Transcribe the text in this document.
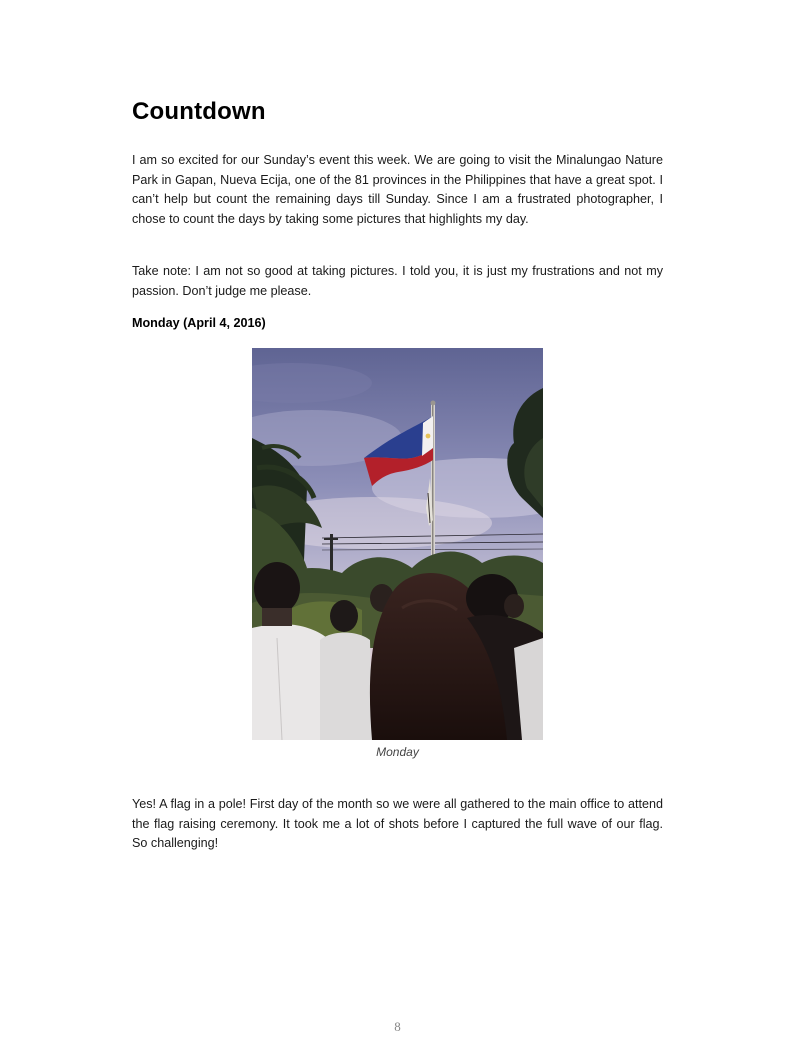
Countdown

I am so excited for our Sunday’s event this week. We are going to visit the Minalungao Nature Park in Gapan, Nueva Ecija, one of the 81 provinces in the Philippines that have a great spot. I can’t help but count the remaining days till Sunday. Since I am a frustrated photographer, I chose to count the days by taking some pictures that highlights my day.

Take note: I am not so good at taking pictures. I told you, it is just my frustrations and not my passion. Don’t judge me please.

Monday (April 4, 2016)

Monday

Yes! A flag in a pole! First day of the month so we were all gathered to the main office to attend the flag raising ceremony. It took me a lot of shots before I captured the full wave of our flag. So challenging!

8
